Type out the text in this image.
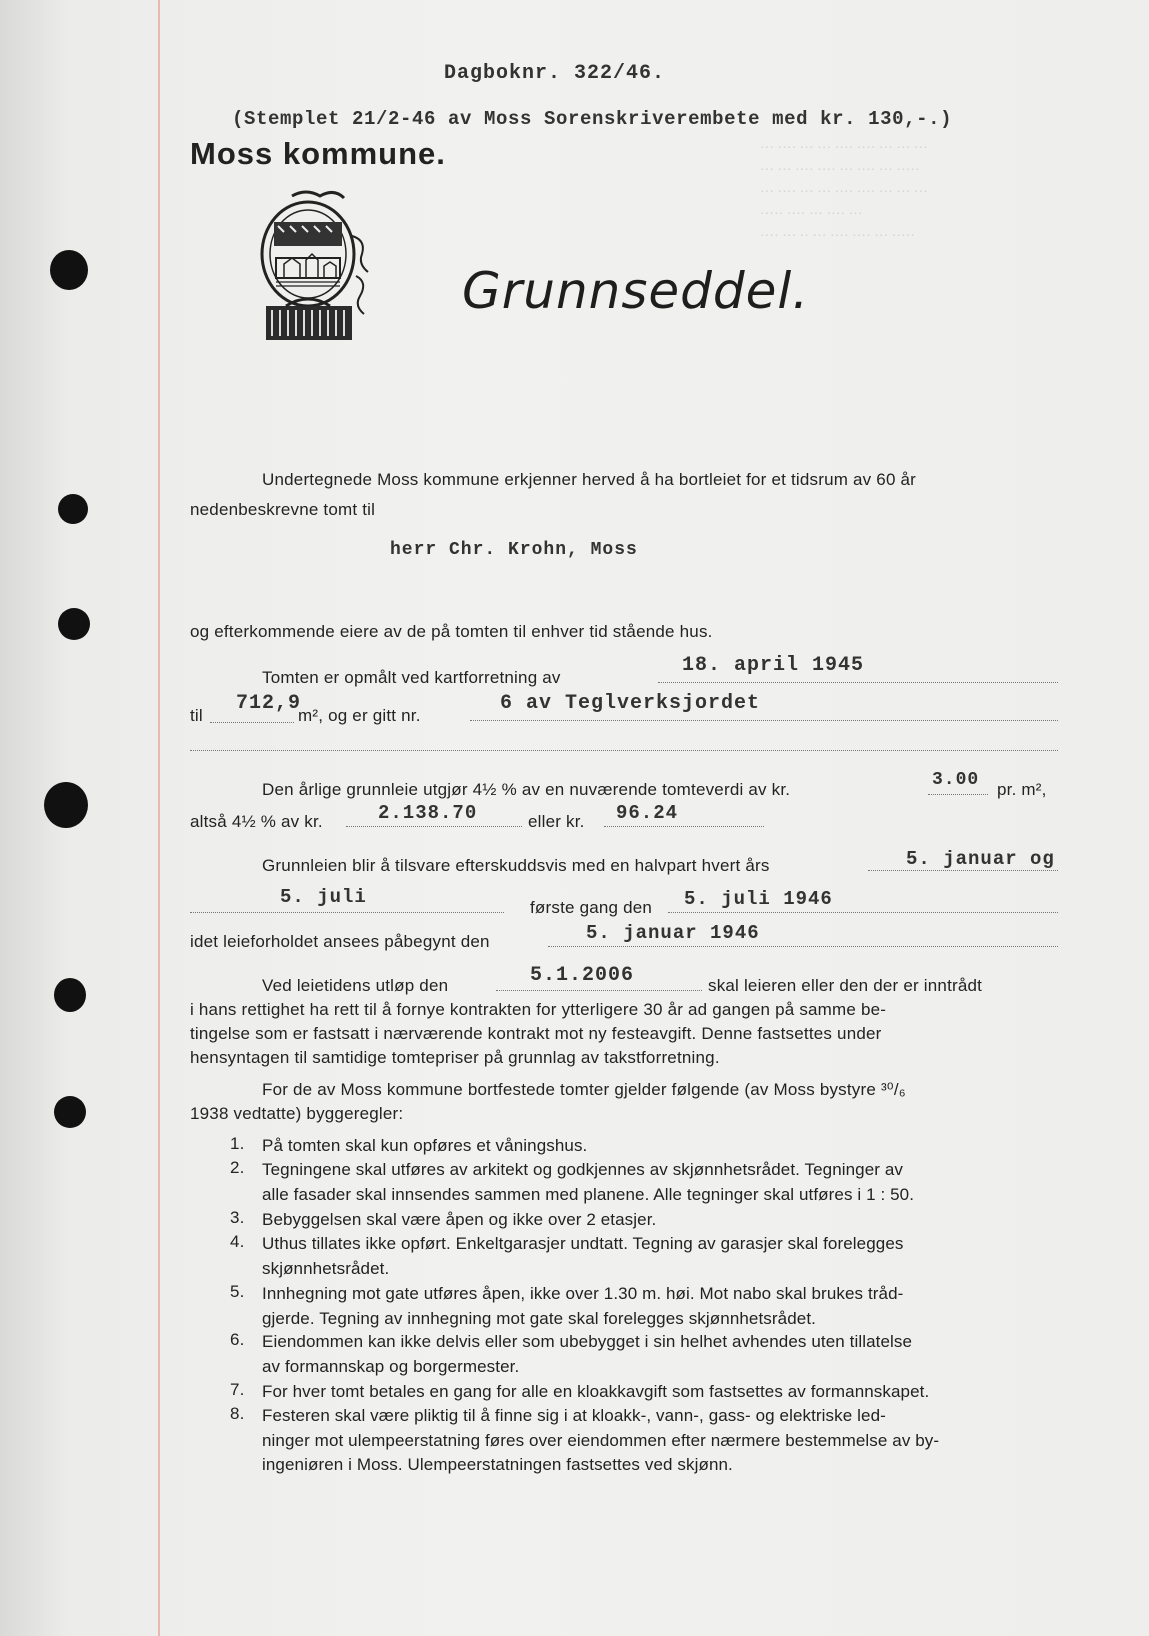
Dagboknr. 322/46.
(Stemplet 21/2-46 av Moss Sorenskriverembete med kr. 130,-.)
Moss kommune.
Grunnseddel.
··· ···· ··· ··· ···· ···· ··· ··· ···
··· ··· ···· ···· ··· ···· ··· ·····
··· ···· ··· ··· ···· ···· ··· ··· ···
····· ···· ··· ···· ···
···· ··· ·· ··· ···· ···· ··· ·····
Undertegnede Moss kommune erkjenner herved å ha bortleiet for et tidsrum av 60 år
nedenbeskrevne tomt til
herr Chr. Krohn, Moss
og efterkommende eiere av de på tomten til enhver tid stående hus.
Tomten er opmålt ved kartforretning av
18. april 1945
til
712,9
m², og er gitt nr.
6 av Teglverksjordet
Den årlige grunnleie utgjør 4½ % av en nuværende tomteverdi av kr.	3.00 pr. m²,
altså 4½ % av kr.	2.138.70	eller kr. 96.24
Grunnleien blir å tilsvare efterskuddsvis med en halvpart hvert års	5. januar og
5. juli	første gang den 5. juli 1946
idet leieforholdet ansees påbegynt den	5. januar 1946
Ved leietidens utløp den	5.1.2006	skal leieren eller den der er inntrådt
i hans rettighet ha rett til å fornye kontrakten for ytterligere 30 år ad gangen på samme be-
tingelse som er fastsatt i nærværende kontrakt mot ny festeavgift. Denne fastsettes under
hensyntagen til samtidige tomtepriser på grunnlag av takstforretning.
For de av Moss kommune bortfestede tomter gjelder følgende (av Moss bystyre ³⁰/₆
1938 vedtatte) byggeregler:
1.	På tomten skal kun opføres et våningshus.
2.	Tegningene skal utføres av arkitekt og godkjennes av skjønnhetsrådet. Tegninger av
alle fasader skal innsendes sammen med planene. Alle tegninger skal utføres i 1 : 50.
3.	Bebyggelsen skal være åpen og ikke over 2 etasjer.
4.	Uthus tillates ikke opført. Enkeltgarasjer undtatt. Tegning av garasjer skal forelegges
skjønnhetsrådet.
5.	Innhegning mot gate utføres åpen, ikke over 1.30 m. høi. Mot nabo skal brukes tråd-
gjerde. Tegning av innhegning mot gate skal forelegges skjønnhetsrådet.
6.	Eiendommen kan ikke delvis eller som ubebygget i sin helhet avhendes uten tillatelse
av formannskap og borgermester.
7.	For hver tomt betales en gang for alle en kloakkavgift som fastsettes av formannskapet.
8.	Festeren skal være pliktig til å finne sig i at kloakk-, vann-, gass- og elektriske led-
ninger mot ulempeerstatning føres over eiendommen efter nærmere bestemmelse av by-
ingeniøren i Moss. Ulempeerstatningen fastsettes ved skjønn.
